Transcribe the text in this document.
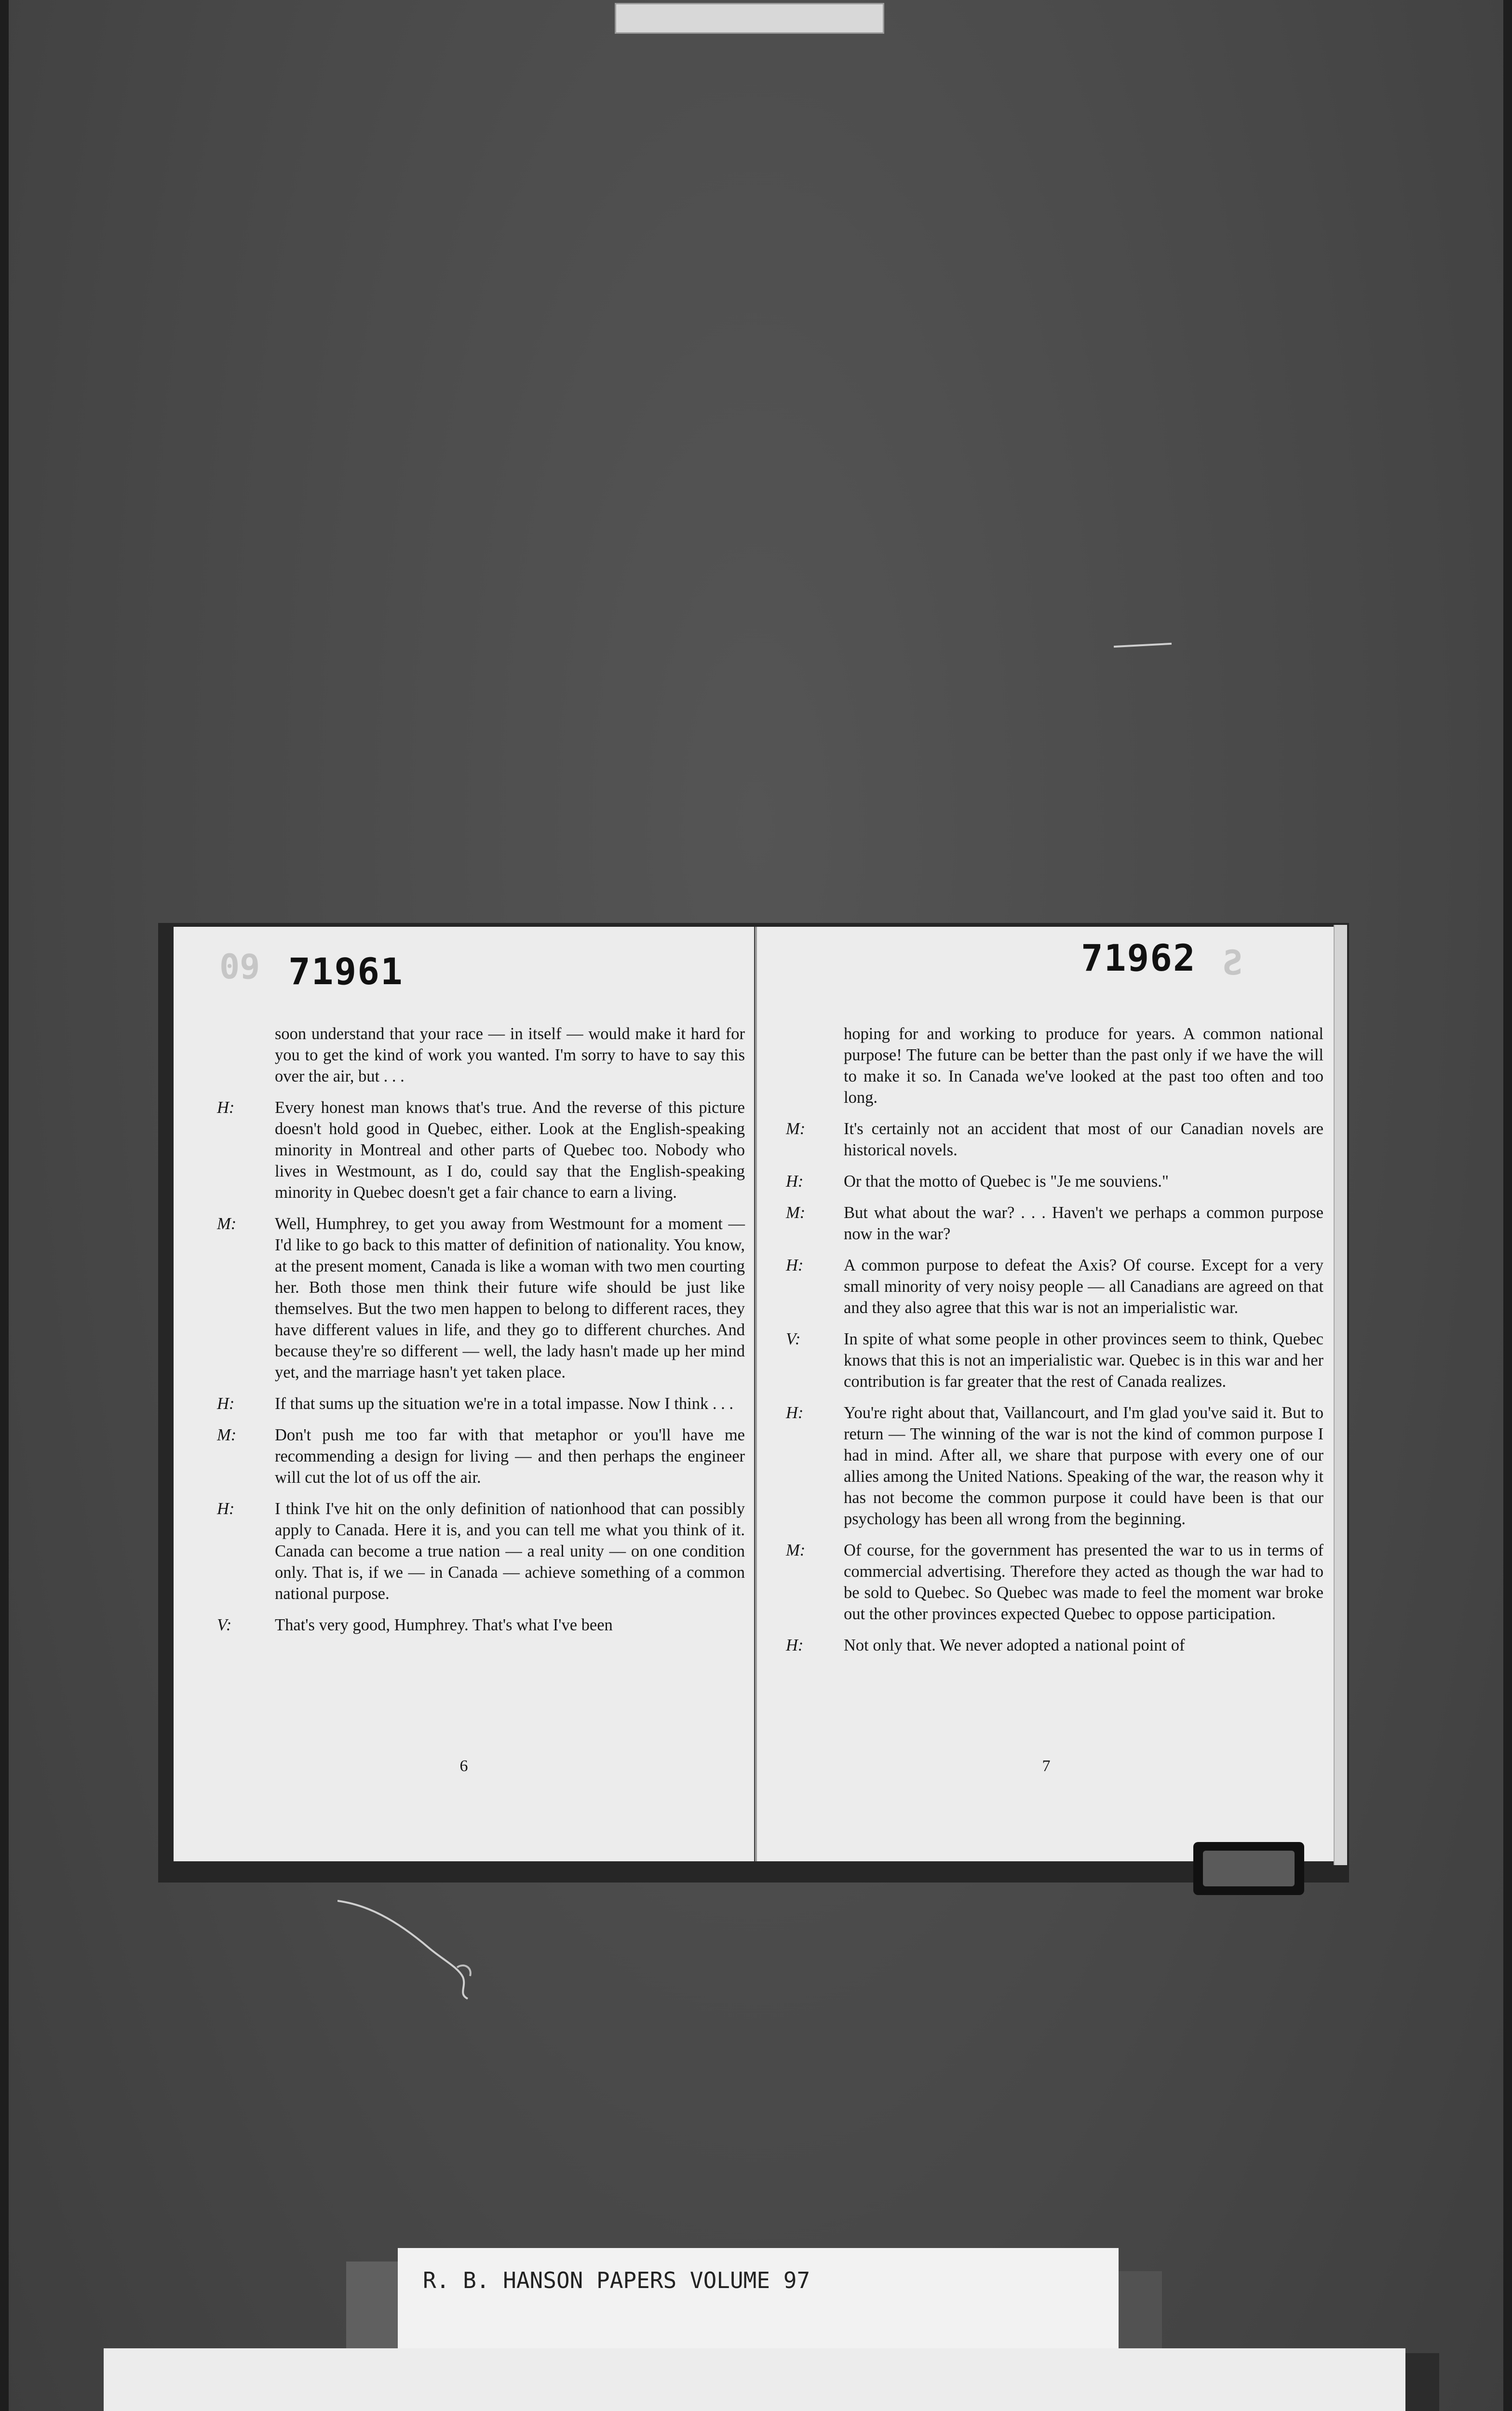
09 71961
soon understand that your race — in itself — would make it hard for you to get the kind of work you wanted. I'm sorry to have to say this over the air, but . . .
H: Every honest man knows that's true. And the reverse of this picture doesn't hold good in Quebec, either. Look at the English-speaking minority in Montreal and other parts of Quebec too. Nobody who lives in Westmount, as I do, could say that the English-speaking minority in Quebec doesn't get a fair chance to earn a living.
M: Well, Humphrey, to get you away from Westmount for a moment — I'd like to go back to this matter of definition of nationality. You know, at the present moment, Canada is like a woman with two men courting her. Both those men think their future wife should be just like themselves. But the two men happen to belong to different races, they have different values in life, and they go to different churches. And because they're so different — well, the lady hasn't made up her mind yet, and the marriage hasn't yet taken place.
H: If that sums up the situation we're in a total impasse. Now I think . . .
M: Don't push me too far with that metaphor or you'll have me recommending a design for living — and then perhaps the engineer will cut the lot of us off the air.
H: I think I've hit on the only definition of nationhood that can possibly apply to Canada. Here it is, and you can tell me what you think of it. Canada can become a true nation — a real unity — on one condition only. That is, if we — in Canada — achieve something of a common national purpose.
V:	That's very good, Humphrey. That's what I've been
6
71962 Ƨ
hoping for and working to produce for years. A common national purpose! The future can be better than the past only if we have the will to make it so. In Canada we've looked at the past too often and too long.
M: It's certainly not an accident that most of our Canadian novels are historical novels.
H: Or that the motto of Quebec is "Je me souviens."
M: But what about the war? . . . Haven't we perhaps a common purpose now in the war?
H: A common purpose to defeat the Axis? Of course. Except for a very small minority of very noisy people — all Canadians are agreed on that and they also agree that this war is not an imperialistic war.
V:	In spite of what some people in other provinces seem to think, Quebec knows that this is not an imperialistic war. Quebec is in this war and her contribution is far greater that the rest of Canada realizes.
H: You're right about that, Vaillancourt, and I'm glad you've said it. But to return — The winning of the war is not the kind of common purpose I had in mind. After all, we share that purpose with every one of our allies among the United Nations. Speaking of the war, the reason why it has not become the common purpose it could have been is that our psychology has been all wrong from the beginning.
M: Of course, for the government has presented the war to us in terms of commercial advertising. Therefore they acted as though the war had to be sold to Quebec. So Quebec was made to feel the moment war broke out the other provinces expected Quebec to oppose participation.
H: Not only that. We never adopted a national point of
7
R. B. HANSON PAPERS VOLUME 97
